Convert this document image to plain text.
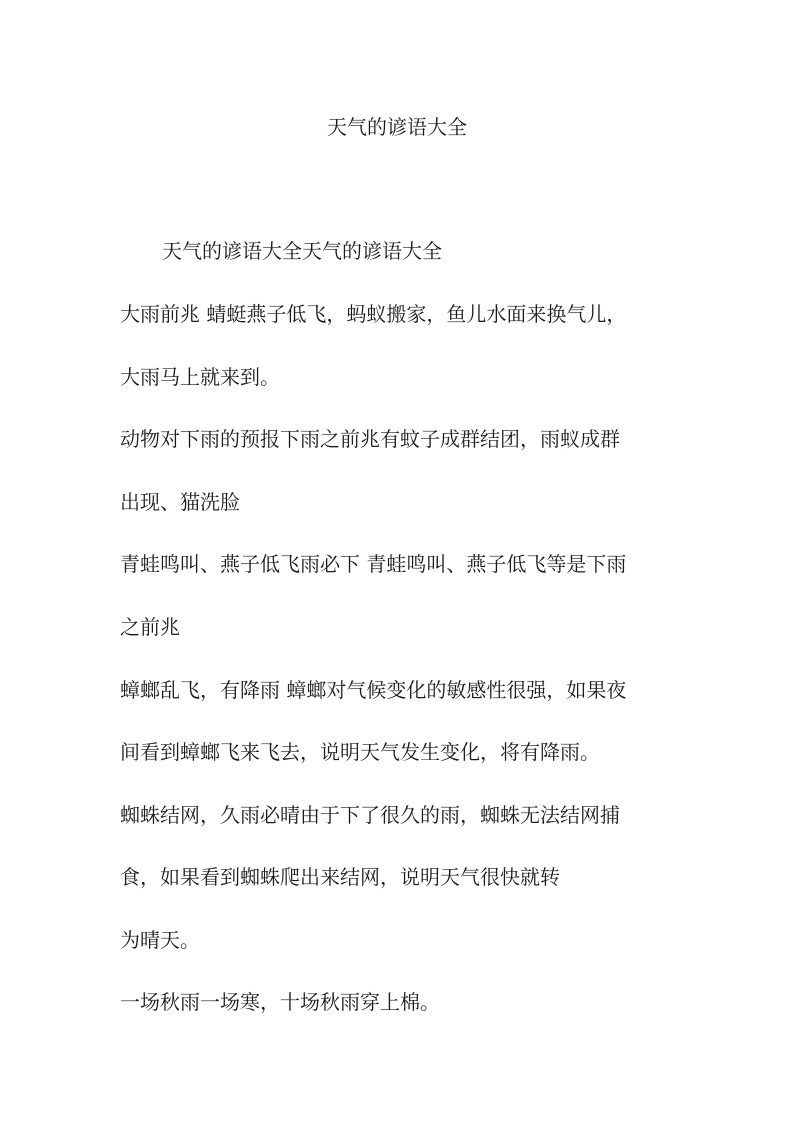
天气的谚语大全
天气的谚语大全天气的谚语大全
大雨前兆 蜻蜓燕子低飞，蚂蚁搬家，鱼儿水面来换气儿，
大雨马上就来到。
动物对下雨的预报下雨之前兆有蚊子成群结团，雨蚁成群
出现、猫洗脸
青蛙鸣叫、燕子低飞雨必下 青蛙鸣叫、燕子低飞等是下雨
之前兆
蟑螂乱飞，有降雨 蟑螂对气候变化的敏感性很强，如果夜
间看到蟑螂飞来飞去，说明天气发生变化，将有降雨。
蜘蛛结网，久雨必晴由于下了很久的雨，蜘蛛无法结网捕
食，如果看到蜘蛛爬出来结网，说明天气很快就转
为晴天。
一场秋雨一场寒，十场秋雨穿上棉。
